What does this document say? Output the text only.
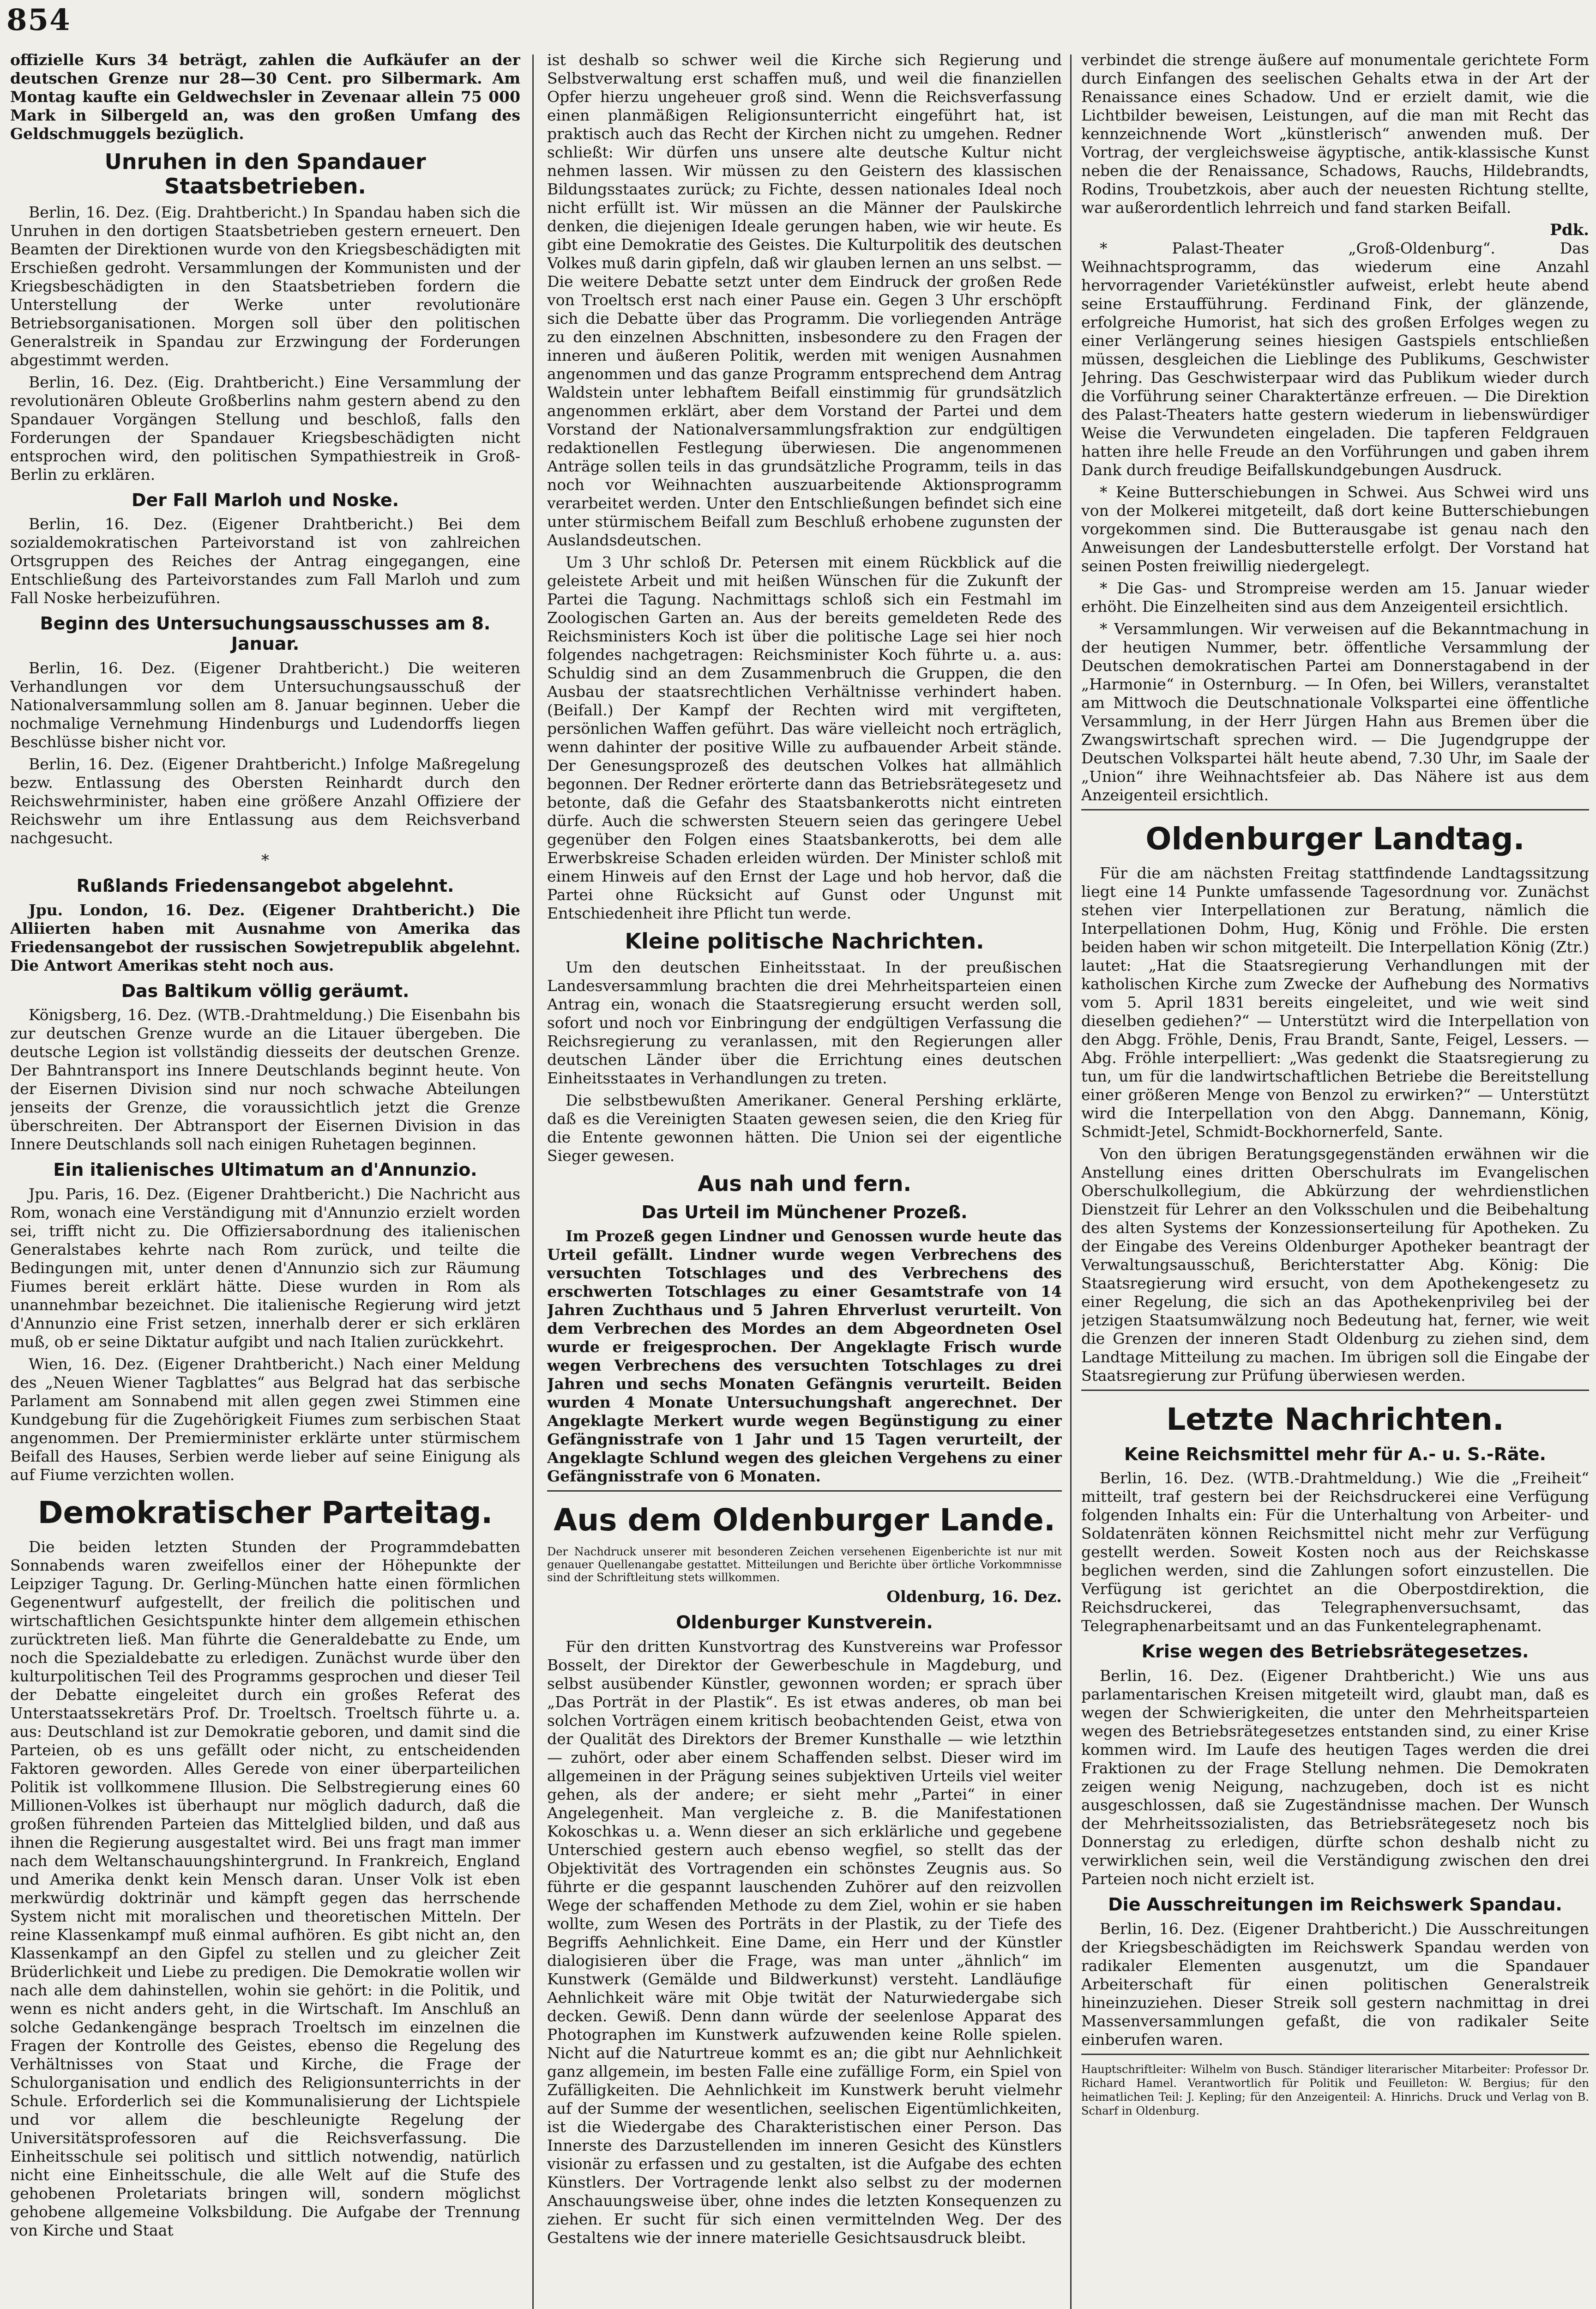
854

offizielle Kurs 34 beträgt, zahlen die Aufkäufer an der deutschen Grenze nur 28—30 Cent. pro Silbermark. Am Montag kaufte ein Geldwechsler in Zevenaar allein 75 000 Mark in Silbergeld an, was den großen Umfang des Geldschmuggels bezüglich.

Unruhen in den Spandauer Staatsbetrieben.

Berlin, 16. Dez. (Eig. Drahtbericht.) In Spandau haben sich die Unruhen in den dortigen Staatsbetrieben gestern erneuert. Den Beamten der Direktionen wurde von den Kriegsbeschädigten mit Erschießen gedroht. Versammlungen der Kommunisten und der Kriegsbeschädigten in den Staatsbetrieben fordern die Unterstellung der Werke unter revolutionäre Betriebsorganisationen. Morgen soll über den politischen Generalstreik in Spandau zur Erzwingung der Forderungen abgestimmt werden.

Berlin, 16. Dez. (Eig. Drahtbericht.) Eine Versammlung der revolutionären Obleute Großberlins nahm gestern abend zu den Spandauer Vorgängen Stellung und beschloß, falls den Forderungen der Spandauer Kriegsbeschädigten nicht entsprochen wird, den politischen Sympathiestreik in Groß-Berlin zu erklären.

Der Fall Marloh und Noske.

Berlin, 16. Dez. (Eigener Drahtbericht.) Bei dem sozialdemokratischen Parteivorstand ist von zahlreichen Ortsgruppen des Reiches der Antrag eingegangen, eine Entschließung des Parteivorstandes zum Fall Marloh und zum Fall Noske herbeizuführen.

Beginn des Untersuchungsausschusses am 8. Januar.

Berlin, 16. Dez. (Eigener Drahtbericht.) Die weiteren Verhandlungen vor dem Untersuchungsausschuß der Nationalversammlung sollen am 8. Januar beginnen. Ueber die nochmalige Vernehmung Hindenburgs und Ludendorffs liegen Beschlüsse bisher nicht vor.

Berlin, 16. Dez. (Eigener Drahtbericht.) Infolge Maßregelung bezw. Entlassung des Obersten Reinhardt durch den Reichswehrminister, haben eine größere Anzahl Offiziere der Reichswehr um ihre Entlassung aus dem Reichsverband nachgesucht.

*
Rußlands Friedensangebot abgelehnt.

Jpu. London, 16. Dez. (Eigener Drahtbericht.) Die Alliierten haben mit Ausnahme von Amerika das Friedensangebot der russischen Sowjetrepublik abgelehnt. Die Antwort Amerikas steht noch aus.

Das Baltikum völlig geräumt.

Königsberg, 16. Dez. (WTB.-Drahtmeldung.) Die Eisenbahn bis zur deutschen Grenze wurde an die Litauer übergeben. Die deutsche Legion ist vollständig diesseits der deutschen Grenze. Der Bahntransport ins Innere Deutschlands beginnt heute. Von der Eisernen Division sind nur noch schwache Abteilungen jenseits der Grenze, die voraussichtlich jetzt die Grenze überschreiten. Der Abtransport der Eisernen Division in das Innere Deutschlands soll nach einigen Ruhetagen beginnen.

Ein italienisches Ultimatum an d'Annunzio.

Jpu. Paris, 16. Dez. (Eigener Drahtbericht.) Die Nachricht aus Rom, wonach eine Verständigung mit d'Annunzio erzielt worden sei, trifft nicht zu. Die Offiziersabordnung des italienischen Generalstabes kehrte nach Rom zurück, und teilte die Bedingungen mit, unter denen d'Annunzio sich zur Räumung Fiumes bereit erklärt hätte. Diese wurden in Rom als unannehmbar bezeichnet. Die italienische Regierung wird jetzt d'Annunzio eine Frist setzen, innerhalb derer er sich erklären muß, ob er seine Diktatur aufgibt und nach Italien zurückkehrt.

Wien, 16. Dez. (Eigener Drahtbericht.) Nach einer Meldung des „Neuen Wiener Tagblattes“ aus Belgrad hat das serbische Parlament am Sonnabend mit allen gegen zwei Stimmen eine Kundgebung für die Zugehörigkeit Fiumes zum serbischen Staat angenommen. Der Premierminister erklärte unter stürmischem Beifall des Hauses, Serbien werde lieber auf seine Einigung als auf Fiume verzichten wollen.

Demokratischer Parteitag.

Die beiden letzten Stunden der Programmdebatten Sonnabends waren zweifellos einer der Höhepunkte der Leipziger Tagung. Dr. Gerling-München hatte einen förmlichen Gegenentwurf aufgestellt, der freilich die politischen und wirtschaftlichen Gesichtspunkte hinter dem allgemein ethischen zurücktreten ließ. Man führte die Generaldebatte zu Ende, um noch die Spezialdebatte zu erledigen. Zunächst wurde über den kulturpolitischen Teil des Programms gesprochen und dieser Teil der Debatte eingeleitet durch ein großes Referat des Unterstaatssekretärs Prof. Dr. Troeltsch. Troeltsch führte u. a. aus: Deutschland ist zur Demokratie geboren, und damit sind die Parteien, ob es uns gefällt oder nicht, zu entscheidenden Faktoren geworden. Alles Gerede von einer überparteilichen Politik ist vollkommene Illusion. Die Selbstregierung eines 60 Millionen-Volkes ist überhaupt nur möglich dadurch, daß die großen führenden Parteien das Mittelglied bilden, und daß aus ihnen die Regierung ausgestaltet wird. Bei uns fragt man immer nach dem Weltanschauungshintergrund. In Frankreich, England und Amerika denkt kein Mensch daran. Unser Volk ist eben merkwürdig doktrinär und kämpft gegen das herrschende System nicht mit moralischen und theoretischen Mitteln. Der reine Klassenkampf muß einmal aufhören. Es gibt nicht an, den Klassenkampf an den Gipfel zu stellen und zu gleicher Zeit Brüderlichkeit und Liebe zu predigen. Die Demokratie wollen wir nach alle dem dahinstellen, wohin sie gehört: in die Politik, und wenn es nicht anders geht, in die Wirtschaft. Im Anschluß an solche Gedankengänge besprach Troeltsch im einzelnen die Fragen der Kontrolle des Geistes, ebenso die Regelung des Verhältnisses von Staat und Kirche, die Frage der Schulorganisation und endlich des Religionsunterrichts in der Schule. Erforderlich sei die Kommunalisierung der Lichtspiele und vor allem die beschleunigte Regelung der Universitätsprofessoren auf die Reichsverfassung. Die Einheitsschule sei politisch und sittlich notwendig, natürlich nicht eine Einheitsschule, die alle Welt auf die Stufe des gehobenen Proletariats bringen will, sondern möglichst gehobene allgemeine Volksbildung. Die Aufgabe der Trennung von Kirche und Staat

ist deshalb so schwer weil die Kirche sich Regierung und Selbstverwaltung erst schaffen muß, und weil die finanziellen Opfer hierzu ungeheuer groß sind. Wenn die Reichsverfassung einen planmäßigen Religionsunterricht eingeführt hat, ist praktisch auch das Recht der Kirchen nicht zu umgehen. Redner schließt: Wir dürfen uns unsere alte deutsche Kultur nicht nehmen lassen. Wir müssen zu den Geistern des klassischen Bildungsstaates zurück; zu Fichte, dessen nationales Ideal noch nicht erfüllt ist. Wir müssen an die Männer der Paulskirche denken, die diejenigen Ideale gerungen haben, wie wir heute. Es gibt eine Demokratie des Geistes. Die Kulturpolitik des deutschen Volkes muß darin gipfeln, daß wir glauben lernen an uns selbst. — Die weitere Debatte setzt unter dem Eindruck der großen Rede von Troeltsch erst nach einer Pause ein. Gegen 3 Uhr erschöpft sich die Debatte über das Programm. Die vorliegenden Anträge zu den einzelnen Abschnitten, insbesondere zu den Fragen der inneren und äußeren Politik, werden mit wenigen Ausnahmen angenommen und das ganze Programm entsprechend dem Antrag Waldstein unter lebhaftem Beifall einstimmig für grundsätzlich angenommen erklärt, aber dem Vorstand der Partei und dem Vorstand der Nationalversammlungsfraktion zur endgültigen redaktionellen Festlegung überwiesen. Die angenommenen Anträge sollen teils in das grundsätzliche Programm, teils in das noch vor Weihnachten auszuarbeitende Aktionsprogramm verarbeitet werden. Unter den Entschließungen befindet sich eine unter stürmischem Beifall zum Beschluß erhobene zugunsten der Auslandsdeutschen.

Um 3 Uhr schloß Dr. Petersen mit einem Rückblick auf die geleistete Arbeit und mit heißen Wünschen für die Zukunft der Partei die Tagung. Nachmittags schloß sich ein Festmahl im Zoologischen Garten an. Aus der bereits gemeldeten Rede des Reichsministers Koch ist über die politische Lage sei hier noch folgendes nachgetragen: Reichsminister Koch führte u. a. aus: Schuldig sind an dem Zusammenbruch die Gruppen, die den Ausbau der staatsrechtlichen Verhältnisse verhindert haben. (Beifall.) Der Kampf der Rechten wird mit vergifteten, persönlichen Waffen geführt. Das wäre vielleicht noch erträglich, wenn dahinter der positive Wille zu aufbauender Arbeit stände. Der Genesungsprozeß des deutschen Volkes hat allmählich begonnen. Der Redner erörterte dann das Betriebsrätegesetz und betonte, daß die Gefahr des Staatsbankerotts nicht eintreten dürfe. Auch die schwersten Steuern seien das geringere Uebel gegenüber den Folgen eines Staatsbankerotts, bei dem alle Erwerbskreise Schaden erleiden würden. Der Minister schloß mit einem Hinweis auf den Ernst der Lage und hob hervor, daß die Partei ohne Rücksicht auf Gunst oder Ungunst mit Entschiedenheit ihre Pflicht tun werde.

Kleine politische Nachrichten.

Um den deutschen Einheitsstaat. In der preußischen Landesversammlung brachten die drei Mehrheitsparteien einen Antrag ein, wonach die Staatsregierung ersucht werden soll, sofort und noch vor Einbringung der endgültigen Verfassung die Reichsregierung zu veranlassen, mit den Regierungen aller deutschen Länder über die Errichtung eines deutschen Einheitsstaates in Verhandlungen zu treten.

Die selbstbewußten Amerikaner. General Pershing erklärte, daß es die Vereinigten Staaten gewesen seien, die den Krieg für die Entente gewonnen hätten. Die Union sei der eigentliche Sieger gewesen.

Aus nah und fern.
Das Urteil im Münchener Prozeß.

Im Prozeß gegen Lindner und Genossen wurde heute das Urteil gefällt. Lindner wurde wegen Verbrechens des versuchten Totschlages und des Verbrechens des erschwerten Totschlages zu einer Gesamtstrafe von 14 Jahren Zuchthaus und 5 Jahren Ehrverlust verurteilt. Von dem Verbrechen des Mordes an dem Abgeordneten Osel wurde er freigesprochen. Der Angeklagte Frisch wurde wegen Verbrechens des versuchten Totschlages zu drei Jahren und sechs Monaten Gefängnis verurteilt. Beiden wurden 4 Monate Untersuchungshaft angerechnet. Der Angeklagte Merkert wurde wegen Begünstigung zu einer Gefängnisstrafe von 1 Jahr und 15 Tagen verurteilt, der Angeklagte Schlund wegen des gleichen Vergehens zu einer Gefängnisstrafe von 6 Monaten.

Aus dem Oldenburger Lande.

Der Nachdruck unserer mit besonderen Zeichen versehenen Eigenberichte ist nur mit genauer Quellenangabe gestattet. Mitteilungen und Berichte über örtliche Vorkommnisse sind der Schriftleitung stets willkommen.

Oldenburg, 16. Dez.
Oldenburger Kunstverein.

Für den dritten Kunstvortrag des Kunstvereins war Professor Bosselt, der Direktor der Gewerbeschule in Magdeburg, und selbst ausübender Künstler, gewonnen worden; er sprach über „Das Porträt in der Plastik“. Es ist etwas anderes, ob man bei solchen Vorträgen einem kritisch beobachtenden Geist, etwa von der Qualität des Direktors der Bremer Kunsthalle — wie letzthin — zuhört, oder aber einem Schaffenden selbst. Dieser wird im allgemeinen in der Prägung seines subjektiven Urteils viel weiter gehen, als der andere; er sieht mehr „Partei“ in einer Angelegenheit. Man vergleiche z. B. die Manifestationen Kokoschkas u. a. Wenn dieser an sich erklärliche und gegebene Unterschied gestern auch ebenso wegfiel, so stellt das der Objektivität des Vortragenden ein schönstes Zeugnis aus. So führte er die gespannt lauschenden Zuhörer auf den reizvollen Wege der schaffenden Methode zu dem Ziel, wohin er sie haben wollte, zum Wesen des Porträts in der Plastik, zu der Tiefe des Begriffs Aehnlichkeit. Eine Dame, ein Herr und der Künstler dialogisieren über die Frage, was man unter „ähnlich“ im Kunstwerk (Gemälde und Bildwerkunst) versteht. Landläufige Aehnlichkeit wäre mit Obje twität der Naturwiedergabe sich decken. Gewiß. Denn dann würde der seelenlose Apparat des Photographen im Kunstwerk aufzuwenden keine Rolle spielen. Nicht auf die Naturtreue kommt es an; die gibt nur Aehnlichkeit ganz allgemein, im besten Falle eine zufällige Form, ein Spiel von Zufälligkeiten. Die Aehnlichkeit im Kunstwerk beruht vielmehr auf der Summe der wesentlichen, seelischen Eigentümlichkeiten, ist die Wiedergabe des Charakteristischen einer Person. Das Innerste des Darzustellenden im inneren Gesicht des Künstlers visionär zu erfassen und zu gestalten, ist die Aufgabe des echten Künstlers. Der Vortragende lenkt also selbst zu der modernen Anschauungsweise über, ohne indes die letzten Konsequenzen zu ziehen. Er sucht für sich einen vermittelnden Weg. Der des Gestaltens wie der innere materielle Gesichtsausdruck bleibt.

verbindet die strenge äußere auf monumentale gerichtete Form durch Einfangen des seelischen Gehalts etwa in der Art der Renaissance eines Schadow. Und er erzielt damit, wie die Lichtbilder beweisen, Leistungen, auf die man mit Recht das kennzeichnende Wort „künstlerisch“ anwenden muß. Der Vortrag, der vergleichsweise ägyptische, antik-klassische Kunst neben die der Renaissance, Schadows, Rauchs, Hildebrandts, Rodins, Troubetzkois, aber auch der neuesten Richtung stellte, war außerordentlich lehrreich und fand starken Beifall.

Pdk.

* Palast-Theater „Groß-Oldenburg“. Das Weihnachtsprogramm, das wiederum eine Anzahl hervorragender Varietékünstler aufweist, erlebt heute abend seine Erstaufführung. Ferdinand Fink, der glänzende, erfolgreiche Humorist, hat sich des großen Erfolges wegen zu einer Verlängerung seines hiesigen Gastspiels entschließen müssen, desgleichen die Lieblinge des Publikums, Geschwister Jehring. Das Geschwisterpaar wird das Publikum wieder durch die Vorführung seiner Charaktertänze erfreuen. — Die Direktion des Palast-Theaters hatte gestern wiederum in liebenswürdiger Weise die Verwundeten eingeladen. Die tapferen Feldgrauen hatten ihre helle Freude an den Vorführungen und gaben ihrem Dank durch freudige Beifallskundgebungen Ausdruck.

* Keine Butterschiebungen in Schwei. Aus Schwei wird uns von der Molkerei mitgeteilt, daß dort keine Butterschiebungen vorgekommen sind. Die Butterausgabe ist genau nach den Anweisungen der Landesbutterstelle erfolgt. Der Vorstand hat seinen Posten freiwillig niedergelegt.

* Die Gas- und Strompreise werden am 15. Januar wieder erhöht. Die Einzelheiten sind aus dem Anzeigenteil ersichtlich.

* Versammlungen. Wir verweisen auf die Bekanntmachung in der heutigen Nummer, betr. öffentliche Versammlung der Deutschen demokratischen Partei am Donnerstagabend in der „Harmonie“ in Osternburg. — In Ofen, bei Willers, veranstaltet am Mittwoch die Deutschnationale Volkspartei eine öffentliche Versammlung, in der Herr Jürgen Hahn aus Bremen über die Zwangswirtschaft sprechen wird. — Die Jugendgruppe der Deutschen Volkspartei hält heute abend, 7.30 Uhr, im Saale der „Union“ ihre Weihnachtsfeier ab. Das Nähere ist aus dem Anzeigenteil ersichtlich.

Oldenburger Landtag.

Für die am nächsten Freitag stattfindende Landtagssitzung liegt eine 14 Punkte umfassende Tagesordnung vor. Zunächst stehen vier Interpellationen zur Beratung, nämlich die Interpellationen Dohm, Hug, König und Fröhle. Die ersten beiden haben wir schon mitgeteilt. Die Interpellation König (Ztr.) lautet: „Hat die Staatsregierung Verhandlungen mit der katholischen Kirche zum Zwecke der Aufhebung des Normativs vom 5. April 1831 bereits eingeleitet, und wie weit sind dieselben gediehen?“ — Unterstützt wird die Interpellation von den Abgg. Fröhle, Denis, Frau Brandt, Sante, Feigel, Lessers. — Abg. Fröhle interpelliert: „Was gedenkt die Staatsregierung zu tun, um für die landwirtschaftlichen Betriebe die Bereitstellung einer größeren Menge von Benzol zu erwirken?“ — Unterstützt wird die Interpellation von den Abgg. Dannemann, König, Schmidt-Jetel, Schmidt-Bockhornerfeld, Sante.

Von den übrigen Beratungsgegenständen erwähnen wir die Anstellung eines dritten Oberschulrats im Evangelischen Oberschulkollegium, die Abkürzung der wehrdienstlichen Dienstzeit für Lehrer an den Volksschulen und die Beibehaltung des alten Systems der Konzessionserteilung für Apotheken. Zu der Eingabe des Vereins Oldenburger Apotheker beantragt der Verwaltungsausschuß, Berichterstatter Abg. König: Die Staatsregierung wird ersucht, von dem Apothekengesetz zu einer Regelung, die sich an das Apothekenprivileg bei der jetzigen Staatsumwälzung noch Bedeutung hat, ferner, wie weit die Grenzen der inneren Stadt Oldenburg zu ziehen sind, dem Landtage Mitteilung zu machen. Im übrigen soll die Eingabe der Staatsregierung zur Prüfung überwiesen werden.

Letzte Nachrichten.
Keine Reichsmittel mehr für A.- u. S.-Räte.

Berlin, 16. Dez. (WTB.-Drahtmeldung.) Wie die „Freiheit“ mitteilt, traf gestern bei der Reichsdruckerei eine Verfügung folgenden Inhalts ein: Für die Unterhaltung von Arbeiter- und Soldatenräten können Reichsmittel nicht mehr zur Verfügung gestellt werden. Soweit Kosten noch aus der Reichskasse beglichen werden, sind die Zahlungen sofort einzustellen. Die Verfügung ist gerichtet an die Oberpostdirektion, die Reichsdruckerei, das Telegraphenversuchsamt, das Telegraphenarbeitsamt und an das Funkentelegraphenamt.

Krise wegen des Betriebsrätegesetzes.

Berlin, 16. Dez. (Eigener Drahtbericht.) Wie uns aus parlamentarischen Kreisen mitgeteilt wird, glaubt man, daß es wegen der Schwierigkeiten, die unter den Mehrheitsparteien wegen des Betriebsrätegesetzes entstanden sind, zu einer Krise kommen wird. Im Laufe des heutigen Tages werden die drei Fraktionen zu der Frage Stellung nehmen. Die Demokraten zeigen wenig Neigung, nachzugeben, doch ist es nicht ausgeschlossen, daß sie Zugeständnisse machen. Der Wunsch der Mehrheitssozialisten, das Betriebsrätegesetz noch bis Donnerstag zu erledigen, dürfte schon deshalb nicht zu verwirklichen sein, weil die Verständigung zwischen den drei Parteien noch nicht erzielt ist.

Die Ausschreitungen im Reichswerk Spandau.

Berlin, 16. Dez. (Eigener Drahtbericht.) Die Ausschreitungen der Kriegsbeschädigten im Reichswerk Spandau werden von radikaler Elementen ausgenutzt, um die Spandauer Arbeiterschaft für einen politischen Generalstreik hineinzuziehen. Dieser Streik soll gestern nachmittag in drei Massenversammlungen gefaßt, die von radikaler Seite einberufen waren.

Hauptschriftleiter: Wilhelm von Busch. Ständiger literarischer Mitarbeiter: Professor Dr. Richard Hamel. Verantwortlich für Politik und Feuilleton: W. Bergius; für den heimatlichen Teil: J. Kepling; für den Anzeigenteil: A. Hinrichs. Druck und Verlag von B. Scharf in Oldenburg.
